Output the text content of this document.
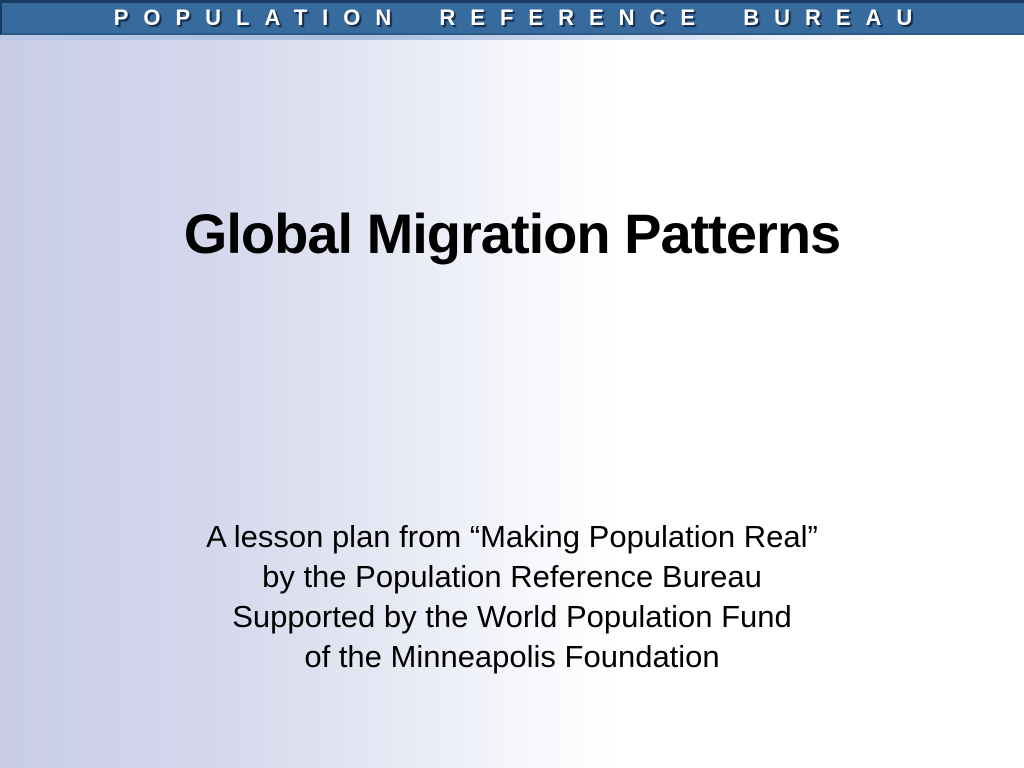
POPULATION REFERENCE BUREAU
Global Migration Patterns
A lesson plan from “Making Population Real”
by the Population Reference Bureau
Supported by the World Population Fund
of the Minneapolis Foundation
